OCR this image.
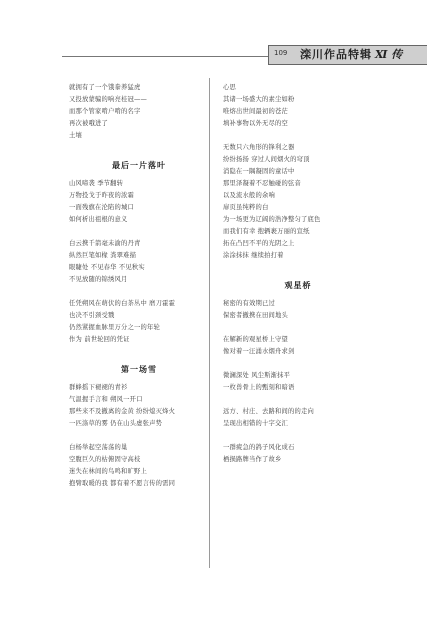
109 滦川作品特辑 Ⅺ 传
就拥有了一个饿豢养猛虎
又投放蒙骗的响亮桂冠——
而那个管家啃户啃的名字
再次被哦进了
土壤
最后一片落叶
山风啼袭 季节翻转
万物投戈于昨夜的浓霜
一面残旗在沦陷的城口
如何析出祖根的意义
白云携千箭毫未渝的丹青
纵然巨笔如椽 粪翠难描
眼睫处 不见春华 不见秋实
不见放随的锦绣风月
任凭朔风在萌伏的白茶丛中 磨刀霍霍
也决不引颈受戮
仍然紧握血脉里万分之一的年轮
作为 前世轮回的凭证
第一场雪
群蜂摇下褪褪的青衫
气温握手言和 朔风一开口
那些来不及撤离的金黄 纷纷熄灭烽火
一匹涤草的雾 仍在山头虚张声势
白杨举起空荡荡的巢
空腹巨久的枯俯固守高枝
迷失在林间的鸟鸣和旷野上
抱臂取暖的我 都有着不愿言传的需同
心思
其诸一场盛大的素尘如粉
唯熔出世间最初的苍茫
填补事物以外无尽的空
无数只六角形的锋利之器
纷纷扬扬 穿过人间烟火的穹顶
消隐在一隅凝固的童话中
那里泽凝着不忍触碰的弦音
以及流水般的余响
扉页虽纯粹的白
为一场更为辽阔的浩净整匀了底色
而我们有幸 抱辆裹万丽的宣纸
拓在凸凹不平的光阴之上
涂涂抹抹 继续拍打着
观星桥
秘密的有效期已过
保密者撤携在田间地头
在解新的观星桥上守望
像对着一汪涌水烟舟求剑
微澜深处 风尘斯渐抹平
一枚兽骨上的甄刻和暗语
远方、村庄、去路和间的的走向
呈现出相错的十字交汇
一群疲急的鸽子风化成石
栖损路牌当作了故乡
